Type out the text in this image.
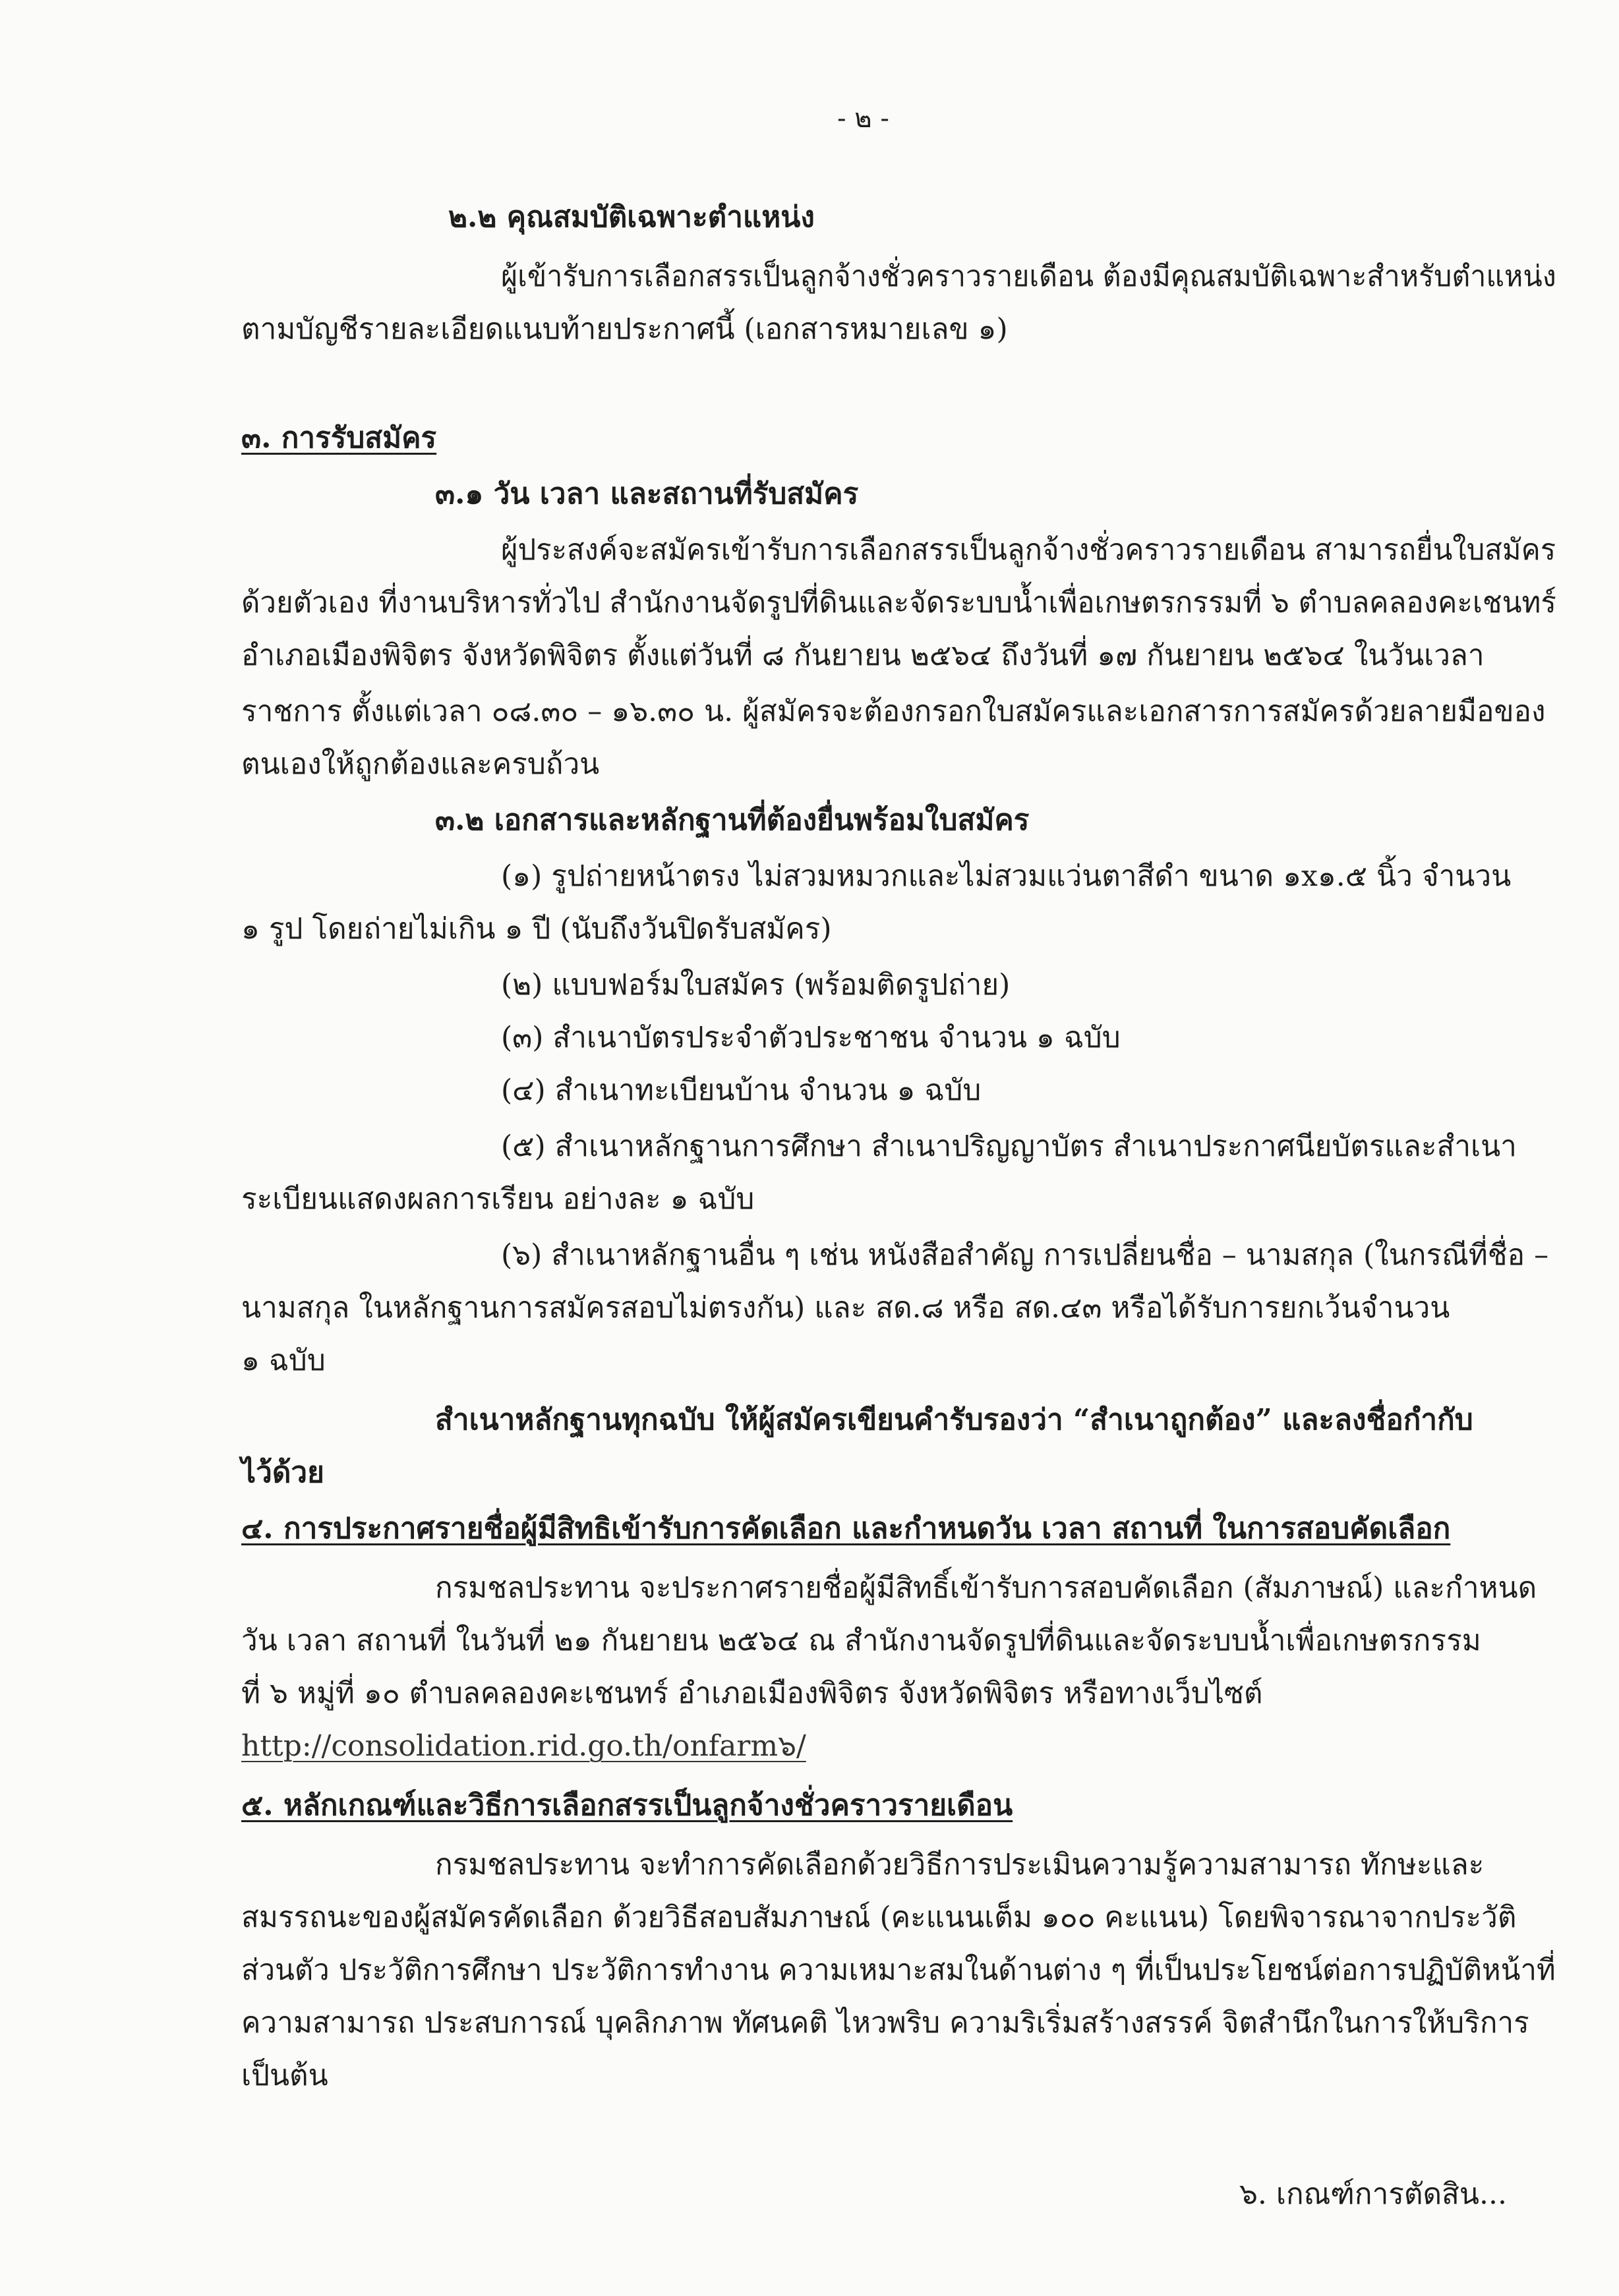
- ๒ -
๒.๒ คุณสมบัติเฉพาะตำแหน่ง
ผู้เข้ารับการเลือกสรรเป็นลูกจ้างชั่วคราวรายเดือน ต้องมีคุณสมบัติเฉพาะสำหรับตำแหน่ง
ตามบัญชีรายละเอียดแนบท้ายประกาศนี้ (เอกสารหมายเลข ๑)
๓. การรับสมัคร
๓.๑ วัน เวลา และสถานที่รับสมัคร
ผู้ประสงค์จะสมัครเข้ารับการเลือกสรรเป็นลูกจ้างชั่วคราวรายเดือน สามารถยื่นใบสมัคร
ด้วยตัวเอง ที่งานบริหารทั่วไป สำนักงานจัดรูปที่ดินและจัดระบบน้ำเพื่อเกษตรกรรมที่ ๖ ตำบลคลองคะเชนทร์
อำเภอเมืองพิจิตร จังหวัดพิจิตร ตั้งแต่วันที่ ๘ กันยายน ๒๕๖๔ ถึงวันที่ ๑๗ กันยายน ๒๕๖๔ ในวันเวลา
ราชการ ตั้งแต่เวลา ๐๘.๓๐ – ๑๖.๓๐ น. ผู้สมัครจะต้องกรอกใบสมัครและเอกสารการสมัครด้วยลายมือของ
ตนเองให้ถูกต้องและครบถ้วน
๓.๒ เอกสารและหลักฐานที่ต้องยื่นพร้อมใบสมัคร
(๑) รูปถ่ายหน้าตรง ไม่สวมหมวกและไม่สวมแว่นตาสีดำ ขนาด ๑x๑.๕ นิ้ว จำนวน
๑ รูป โดยถ่ายไม่เกิน ๑ ปี (นับถึงวันปิดรับสมัคร)
(๒) แบบฟอร์มใบสมัคร (พร้อมติดรูปถ่าย)
(๓) สำเนาบัตรประจำตัวประชาชน จำนวน ๑ ฉบับ
(๔) สำเนาทะเบียนบ้าน จำนวน ๑ ฉบับ
(๕) สำเนาหลักฐานการศึกษา สำเนาปริญญาบัตร สำเนาประกาศนียบัตรและสำเนา
ระเบียนแสดงผลการเรียน อย่างละ ๑ ฉบับ
(๖) สำเนาหลักฐานอื่น ๆ เช่น หนังสือสำคัญ การเปลี่ยนชื่อ – นามสกุล (ในกรณีที่ชื่อ –
นามสกุล ในหลักฐานการสมัครสอบไม่ตรงกัน) และ สด.๘ หรือ สด.๔๓ หรือได้รับการยกเว้นจำนวน
๑ ฉบับ
สำเนาหลักฐานทุกฉบับ ให้ผู้สมัครเขียนคำรับรองว่า “สำเนาถูกต้อง” และลงชื่อกำกับ
ไว้ด้วย
๔. การประกาศรายชื่อผู้มีสิทธิเข้ารับการคัดเลือก และกำหนดวัน เวลา สถานที่ ในการสอบคัดเลือก
กรมชลประทาน จะประกาศรายชื่อผู้มีสิทธิ์เข้ารับการสอบคัดเลือก (สัมภาษณ์) และกำหนด
วัน เวลา สถานที่ ในวันที่ ๒๑ กันยายน ๒๕๖๔ ณ สำนักงานจัดรูปที่ดินและจัดระบบน้ำเพื่อเกษตรกรรม
ที่ ๖ หมู่ที่ ๑๐ ตำบลคลองคะเชนทร์ อำเภอเมืองพิจิตร จังหวัดพิจิตร หรือทางเว็บไซต์
http://consolidation.rid.go.th/onfarm๖/
๕. หลักเกณฑ์และวิธีการเลือกสรรเป็นลูกจ้างชั่วคราวรายเดือน
กรมชลประทาน จะทำการคัดเลือกด้วยวิธีการประเมินความรู้ความสามารถ ทักษะและ
สมรรถนะของผู้สมัครคัดเลือก ด้วยวิธีสอบสัมภาษณ์ (คะแนนเต็ม ๑๐๐ คะแนน) โดยพิจารณาจากประวัติ
ส่วนตัว ประวัติการศึกษา ประวัติการทำงาน ความเหมาะสมในด้านต่าง ๆ ที่เป็นประโยชน์ต่อการปฏิบัติหน้าที่
ความสามารถ ประสบการณ์ บุคลิกภาพ ทัศนคติ ไหวพริบ ความริเริ่มสร้างสรรค์ จิตสำนึกในการให้บริการ
เป็นต้น
๖. เกณฑ์การตัดสิน...
